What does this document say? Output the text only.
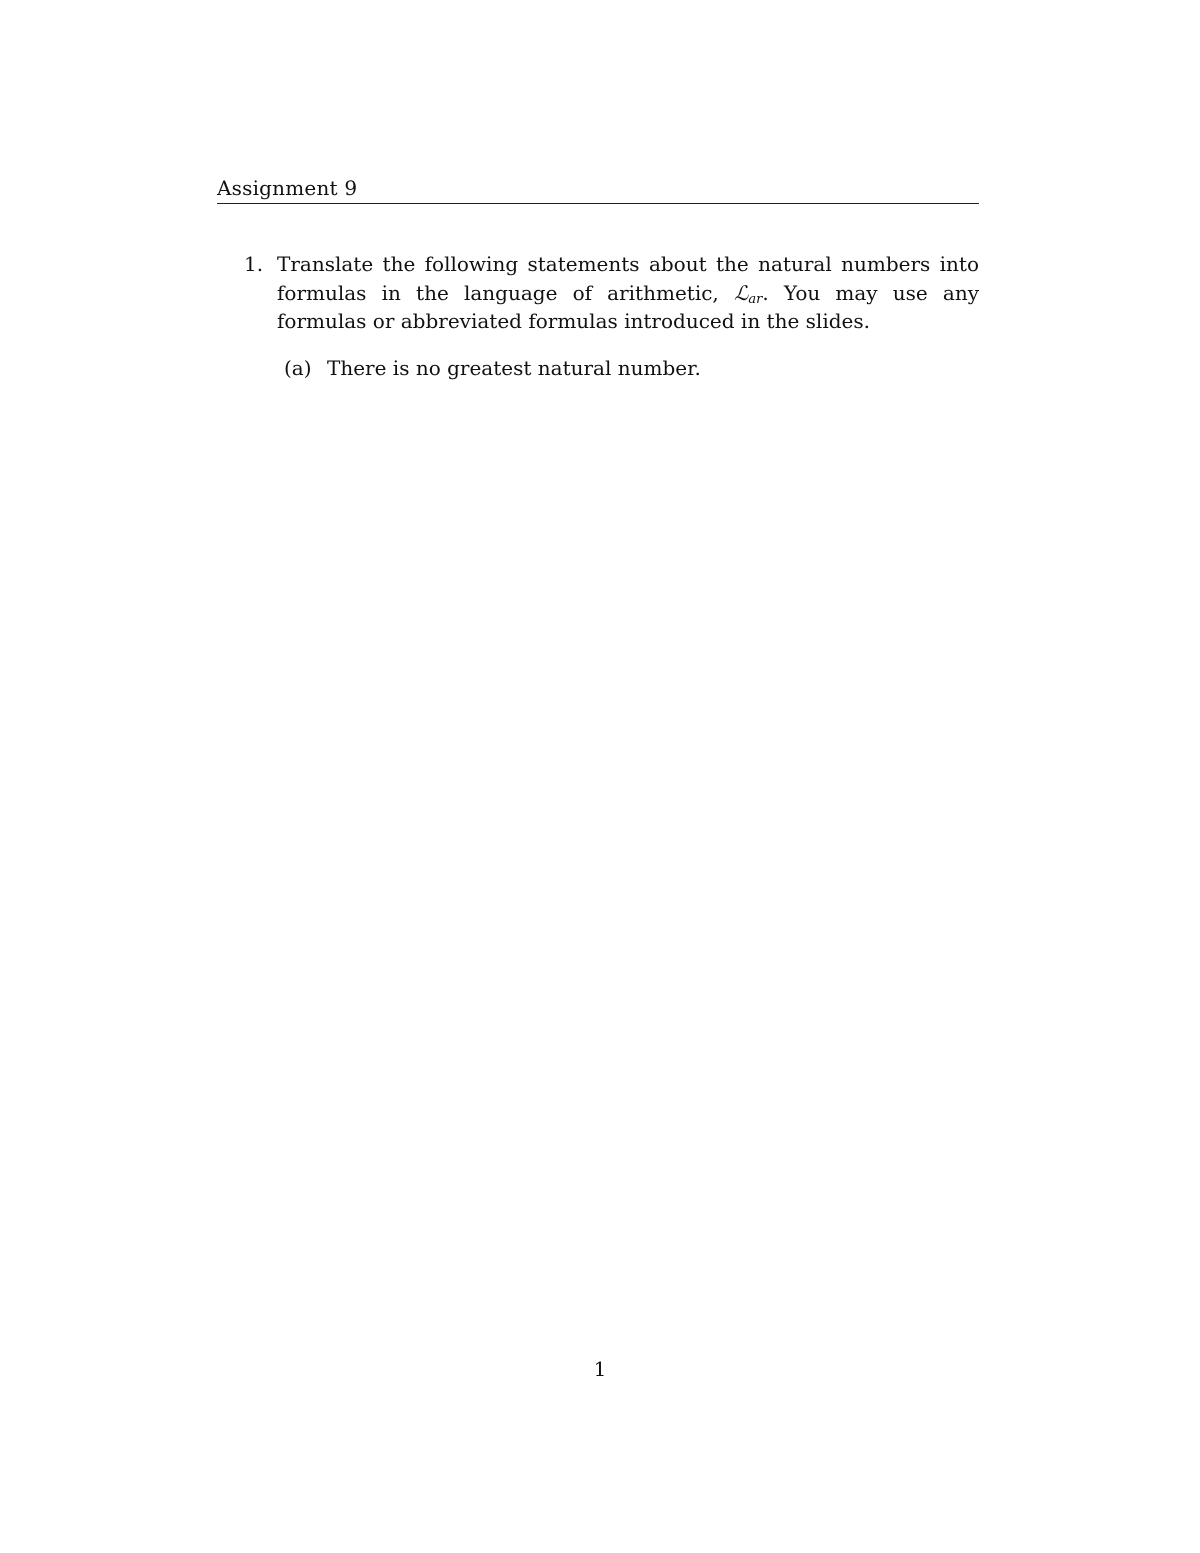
Assignment 9
1. Translate the following statements about the natural numbers into formulas in the language of arithmetic, ℒ$_{ar}$. You may use any formulas or abbreviated formulas introduced in the slides.
(a) There is no greatest natural number.
1
